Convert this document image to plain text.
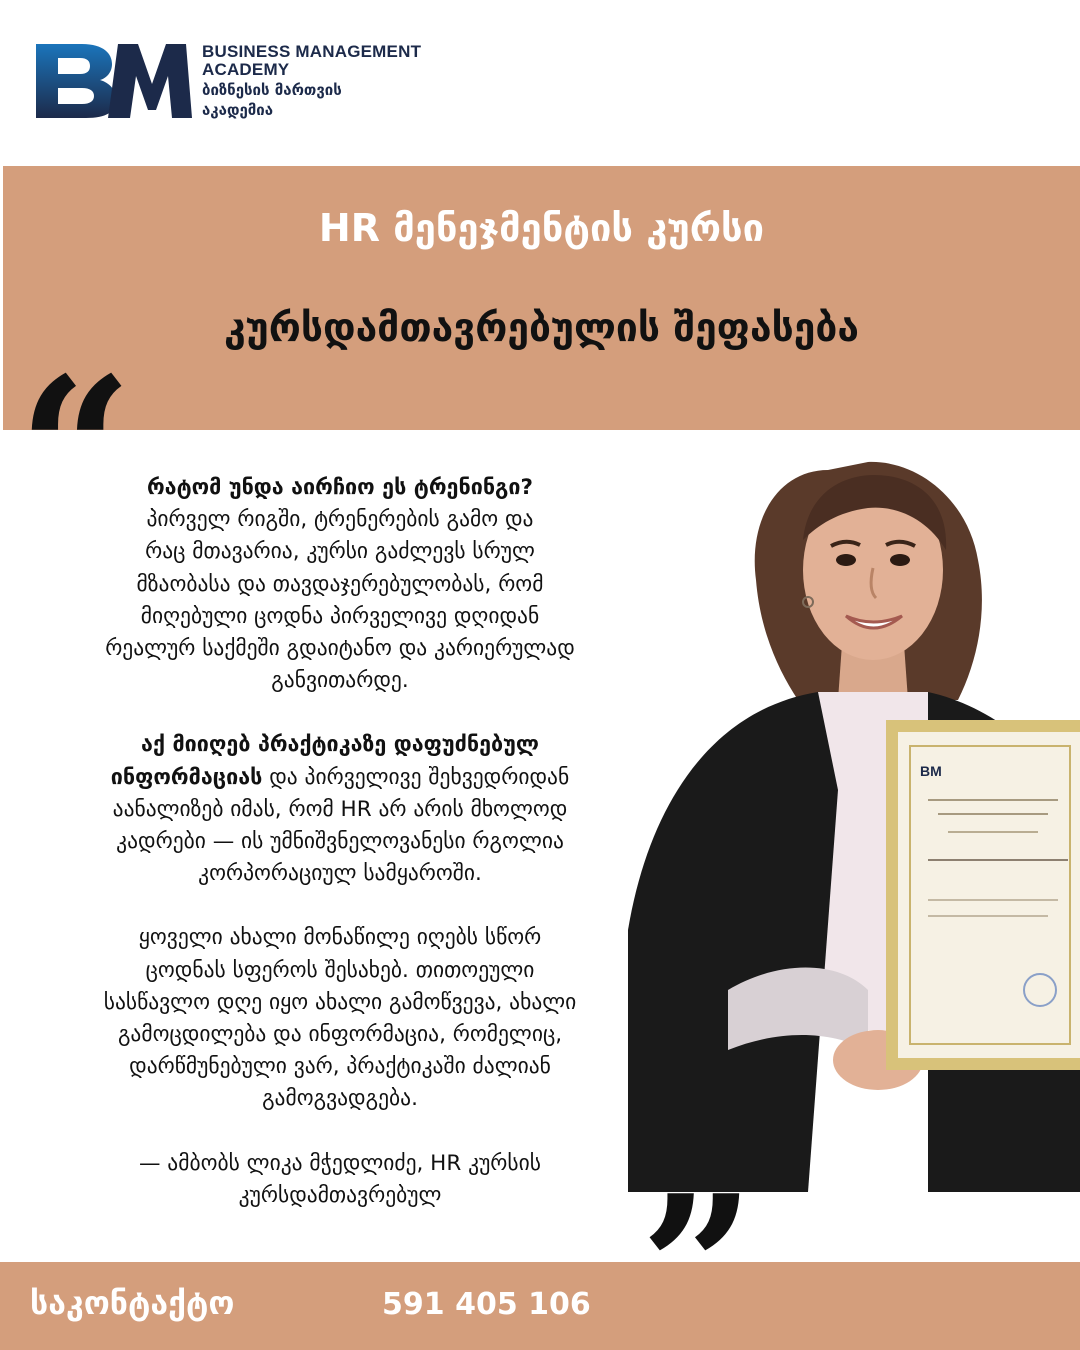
BUSINESS MANAGEMENT
ACADEMY
ბიზნესის მართვის
აკადემია
HR მენეჯმენტის კურსი
კურსდამთავრებულის შეფასება
“
BM

რატომ უნდა აირჩიო ეს ტრენინგი?
პირველ რიგში, ტრენერების გამო და
რაც მთავარია, კურსი გაძლევს სრულ
მზაობასა და თავდაჯერებულობას, რომ
მიღებული ცოდნა პირველივე დღიდან
რეალურ საქმეში გდაიტანო და კარიერულად
განვითარდე.

აქ მიიღებ პრაქტიკაზე დაფუძნებულ
ინფორმაციას და პირველივე შეხვედრიდან
აანალიზებ იმას, რომ HR არ არის მხოლოდ
კადრები — ის უმნიშვნელოვანესი რგოლია
კორპორაციულ სამყაროში.

ყოველი ახალი მონაწილე იღებს სწორ
ცოდნას სფეროს შესახებ. თითოეული
სასწავლო დღე იყო ახალი გამოწვევა, ახალი
გამოცდილება და ინფორმაცია, რომელიც,
დარწმუნებული ვარ, პრაქტიკაში ძალიან
გამოგვადგება.

— ამბობს ლიკა მჭედლიძე, HR კურსის
კურსდამთავრებულ

საკონტაქტო	591 405 106 ”
